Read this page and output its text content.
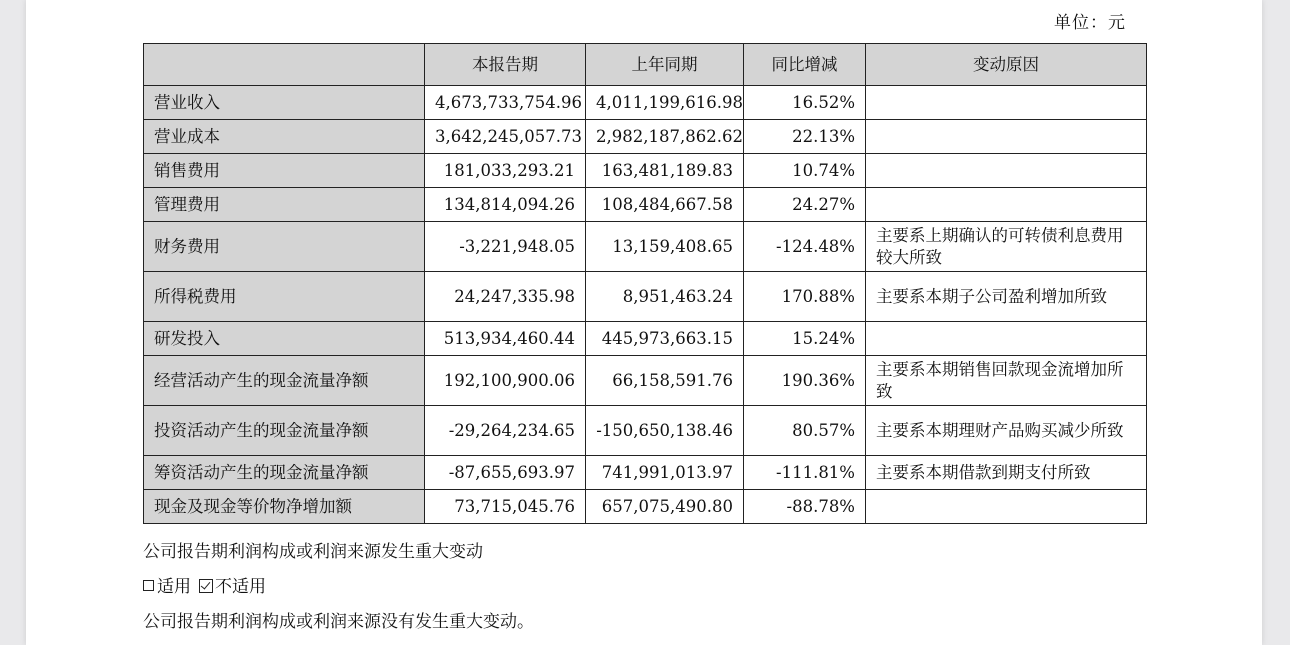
单位：元
	本报告期	上年同期	同比增减	变动原因
营业收入	4,673,733,754.96	4,011,199,616.98	16.52%	
营业成本	3,642,245,057.73	2,982,187,862.62	22.13%	
销售费用	181,033,293.21	163,481,189.83	10.74%	
管理费用	134,814,094.26	108,484,667.58	24.27%	
财务费用	-3,221,948.05	13,159,408.65	-124.48%	主要系上期确认的可转债利息费用较大所致
所得税费用	24,247,335.98	8,951,463.24	170.88%	主要系本期子公司盈利增加所致
研发投入	513,934,460.44	445,973,663.15	15.24%	
经营活动产生的现金流量净额	192,100,900.06	66,158,591.76	190.36%	主要系本期销售回款现金流增加所致
投资活动产生的现金流量净额	-29,264,234.65	-150,650,138.46	80.57%	主要系本期理财产品购买减少所致
筹资活动产生的现金流量净额	-87,655,693.97	741,991,013.97	-111.81%	主要系本期借款到期支付所致
现金及现金等价物净增加额	73,715,045.76	657,075,490.80	-88.78%	
公司报告期利润构成或利润来源发生重大变动
适用 不适用
公司报告期利润构成或利润来源没有发生重大变动。
